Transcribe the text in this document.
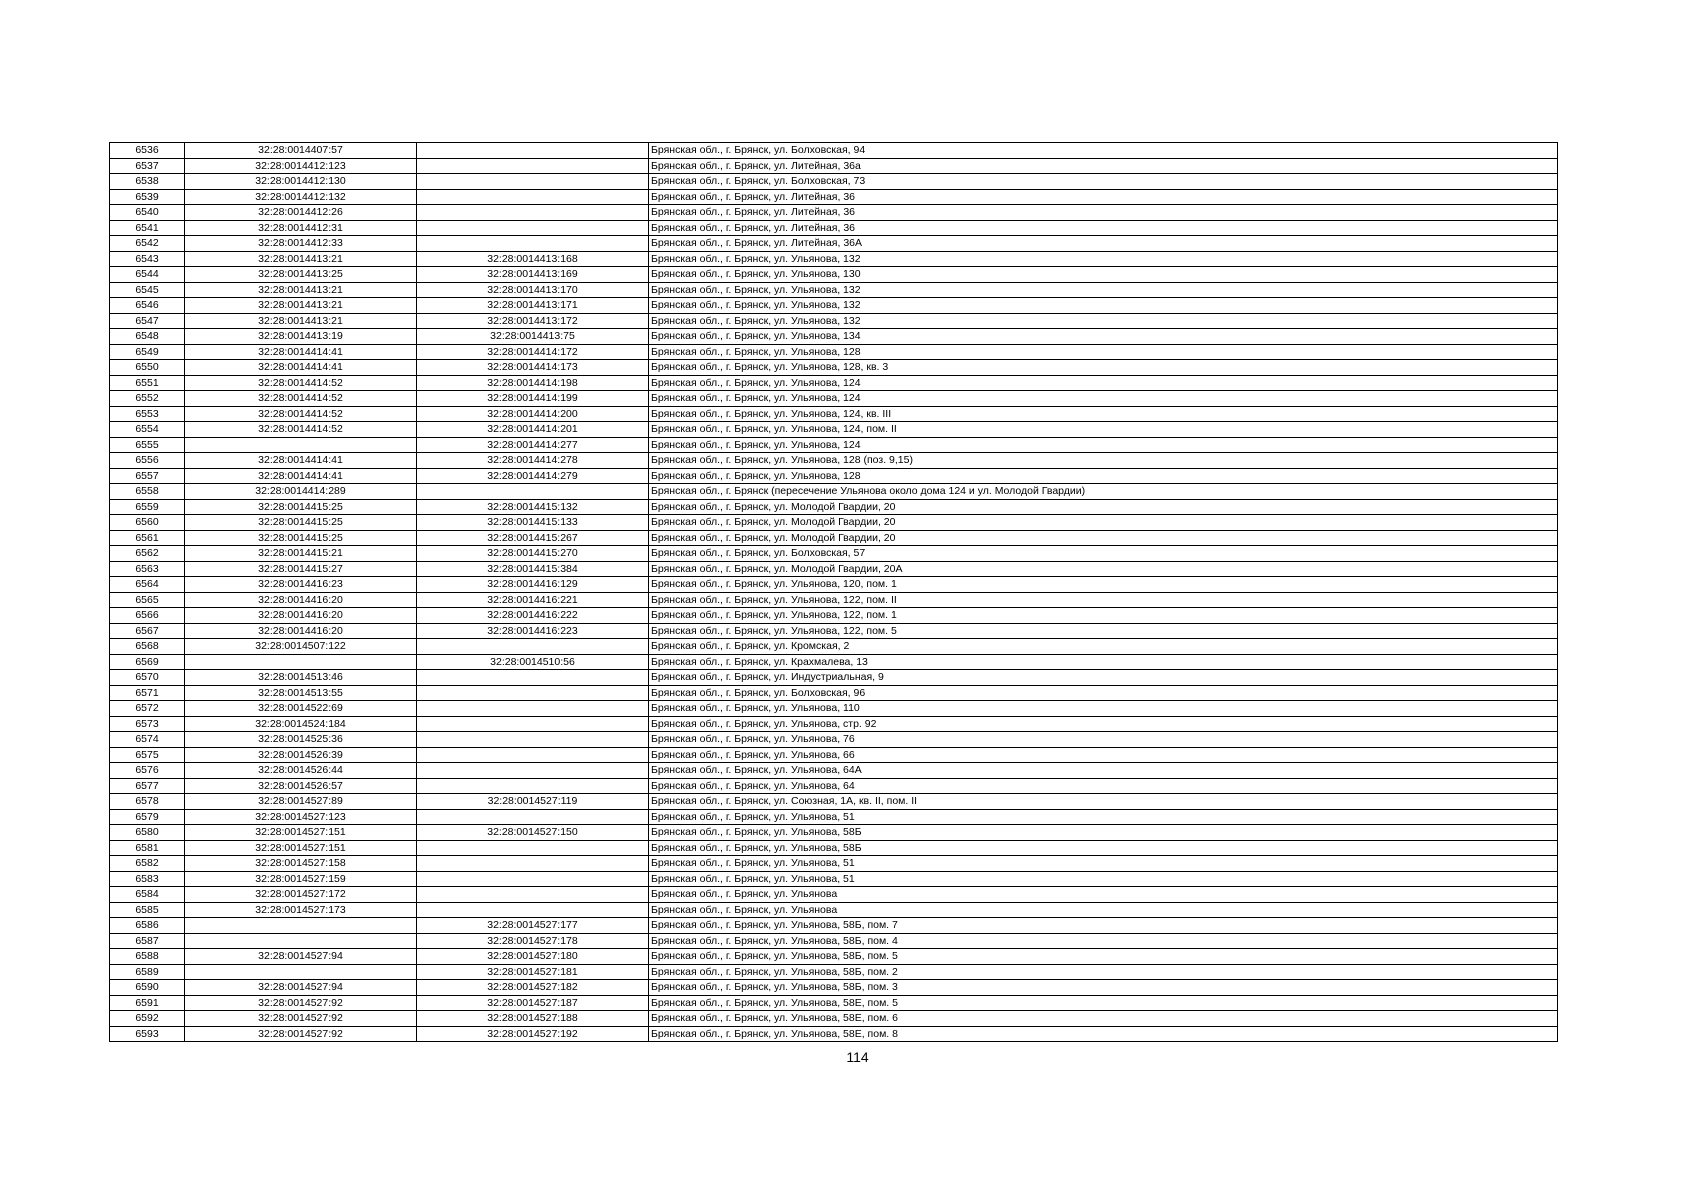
6536	32:28:0014407:57		Брянская обл., г. Брянск, ул. Болховская, 94
6537	32:28:0014412:123		Брянская обл., г. Брянск, ул. Литейная, 36а
6538	32:28:0014412:130		Брянская обл., г. Брянск, ул. Болховская, 73
6539	32:28:0014412:132		Брянская обл., г. Брянск, ул. Литейная, 36
6540	32:28:0014412:26		Брянская обл., г. Брянск, ул. Литейная, 36
6541	32:28:0014412:31		Брянская обл., г. Брянск, ул. Литейная, 36
6542	32:28:0014412:33		Брянская обл., г. Брянск, ул. Литейная, 36А
6543	32:28:0014413:21	32:28:0014413:168	Брянская обл., г. Брянск, ул. Ульянова, 132
6544	32:28:0014413:25	32:28:0014413:169	Брянская обл., г. Брянск, ул. Ульянова, 130
6545	32:28:0014413:21	32:28:0014413:170	Брянская обл., г. Брянск, ул. Ульянова, 132
6546	32:28:0014413:21	32:28:0014413:171	Брянская обл., г. Брянск, ул. Ульянова, 132
6547	32:28:0014413:21	32:28:0014413:172	Брянская обл., г. Брянск, ул. Ульянова, 132
6548	32:28:0014413:19	32:28:0014413:75	Брянская обл., г. Брянск, ул. Ульянова, 134
6549	32:28:0014414:41	32:28:0014414:172	Брянская обл., г. Брянск, ул. Ульянова, 128
6550	32:28:0014414:41	32:28:0014414:173	Брянская обл., г. Брянск, ул. Ульянова, 128, кв. 3
6551	32:28:0014414:52	32:28:0014414:198	Брянская обл., г. Брянск, ул. Ульянова, 124
6552	32:28:0014414:52	32:28:0014414:199	Брянская обл., г. Брянск, ул. Ульянова, 124
6553	32:28:0014414:52	32:28:0014414:200	Брянская обл., г. Брянск, ул. Ульянова, 124, кв. III
6554	32:28:0014414:52	32:28:0014414:201	Брянская обл., г. Брянск, ул. Ульянова, 124, пом. II
6555		32:28:0014414:277	Брянская обл., г. Брянск, ул. Ульянова, 124
6556	32:28:0014414:41	32:28:0014414:278	Брянская обл., г. Брянск, ул. Ульянова, 128 (поз. 9,15)
6557	32:28:0014414:41	32:28:0014414:279	Брянская обл., г. Брянск, ул. Ульянова, 128
6558	32:28:0014414:289		Брянская обл., г. Брянск (пересечение Ульянова около дома 124 и ул. Молодой Гвардии)
6559	32:28:0014415:25	32:28:0014415:132	Брянская обл., г. Брянск, ул. Молодой Гвардии, 20
6560	32:28:0014415:25	32:28:0014415:133	Брянская обл., г. Брянск, ул. Молодой Гвардии, 20
6561	32:28:0014415:25	32:28:0014415:267	Брянская обл., г. Брянск, ул. Молодой Гвардии, 20
6562	32:28:0014415:21	32:28:0014415:270	Брянская обл., г. Брянск, ул. Болховская, 57
6563	32:28:0014415:27	32:28:0014415:384	Брянская обл., г. Брянск, ул. Молодой Гвардии, 20А
6564	32:28:0014416:23	32:28:0014416:129	Брянская обл., г. Брянск, ул. Ульянова, 120, пом. 1
6565	32:28:0014416:20	32:28:0014416:221	Брянская обл., г. Брянск, ул. Ульянова, 122, пом. II
6566	32:28:0014416:20	32:28:0014416:222	Брянская обл., г. Брянск, ул. Ульянова, 122, пом. 1
6567	32:28:0014416:20	32:28:0014416:223	Брянская обл., г. Брянск, ул. Ульянова, 122, пом. 5
6568	32:28:0014507:122		Брянская обл., г. Брянск, ул. Кромская, 2
6569		32:28:0014510:56	Брянская обл., г. Брянск, ул. Крахмалева, 13
6570	32:28:0014513:46		Брянская обл., г. Брянск, ул. Индустриальная, 9
6571	32:28:0014513:55		Брянская обл., г. Брянск, ул. Болховская, 96
6572	32:28:0014522:69		Брянская обл., г. Брянск, ул. Ульянова, 110
6573	32:28:0014524:184		Брянская обл., г. Брянск, ул. Ульянова, стр. 92
6574	32:28:0014525:36		Брянская обл., г. Брянск, ул. Ульянова, 76
6575	32:28:0014526:39		Брянская обл., г. Брянск, ул. Ульянова, 66
6576	32:28:0014526:44		Брянская обл., г. Брянск, ул. Ульянова, 64А
6577	32:28:0014526:57		Брянская обл., г. Брянск, ул. Ульянова, 64
6578	32:28:0014527:89	32:28:0014527:119	Брянская обл., г. Брянск, ул. Союзная, 1А, кв. II, пом. II
6579	32:28:0014527:123		Брянская обл., г. Брянск, ул. Ульянова, 51
6580	32:28:0014527:151	32:28:0014527:150	Брянская обл., г. Брянск, ул. Ульянова, 58Б
6581	32:28:0014527:151		Брянская обл., г. Брянск, ул. Ульянова, 58Б
6582	32:28:0014527:158		Брянская обл., г. Брянск, ул. Ульянова, 51
6583	32:28:0014527:159		Брянская обл., г. Брянск, ул. Ульянова, 51
6584	32:28:0014527:172		Брянская обл., г. Брянск, ул. Ульянова
6585	32:28:0014527:173		Брянская обл., г. Брянск, ул. Ульянова
6586		32:28:0014527:177	Брянская обл., г. Брянск, ул. Ульянова, 58Б, пом. 7
6587		32:28:0014527:178	Брянская обл., г. Брянск, ул. Ульянова, 58Б, пом. 4
6588	32:28:0014527:94	32:28:0014527:180	Брянская обл., г. Брянск, ул. Ульянова, 58Б, пом. 5
6589		32:28:0014527:181	Брянская обл., г. Брянск, ул. Ульянова, 58Б, пом. 2
6590	32:28:0014527:94	32:28:0014527:182	Брянская обл., г. Брянск, ул. Ульянова, 58Б, пом. 3
6591	32:28:0014527:92	32:28:0014527:187	Брянская обл., г. Брянск, ул. Ульянова, 58Е, пом. 5
6592	32:28:0014527:92	32:28:0014527:188	Брянская обл., г. Брянск, ул. Ульянова, 58Е, пом. 6
6593	32:28:0014527:92	32:28:0014527:192	Брянская обл., г. Брянск, ул. Ульянова, 58Е, пом. 8
114
